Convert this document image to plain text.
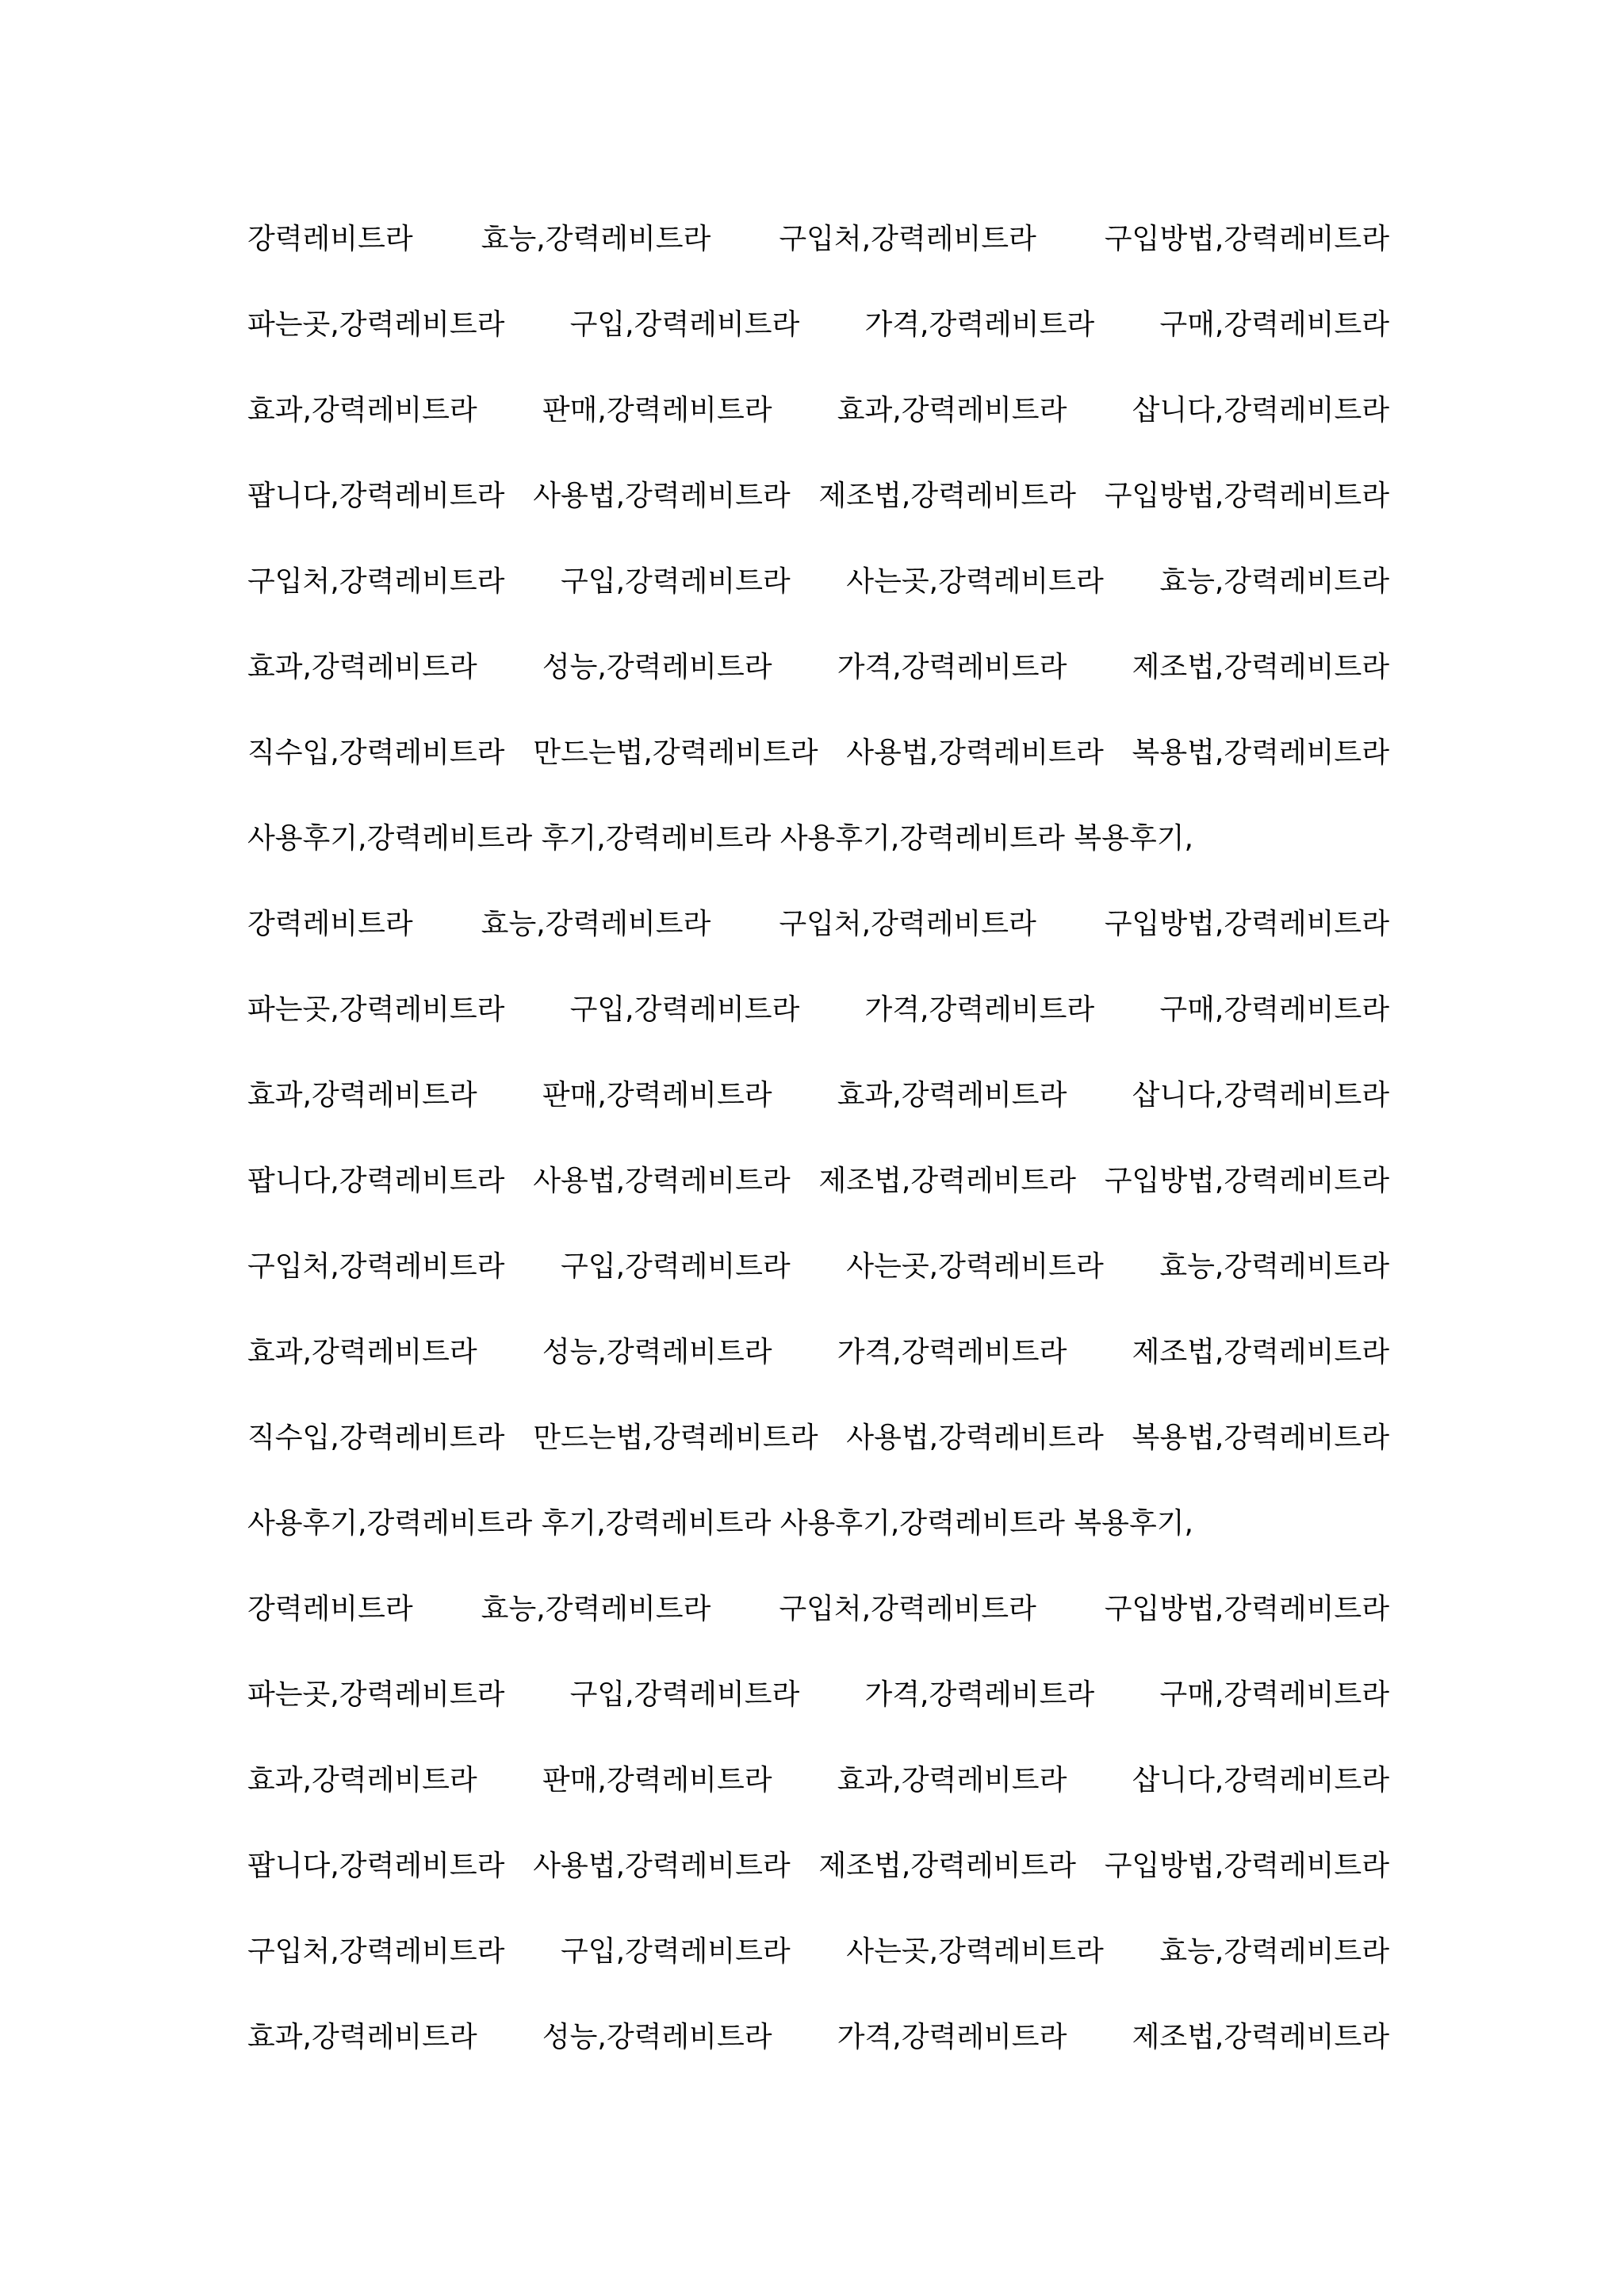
강력레비트라 효능,강력레비트라 구입처,강력레비트라 구입방법,강력레비트라
파는곳,강력레비트라 구입,강력레비트라 가격,강력레비트라 구매,강력레비트라
효과,강력레비트라 판매,강력레비트라 효과,강력레비트라 삽니다,강력레비트라
팝니다,강력레비트라 사용법,강력레비트라 제조법,강력레비트라 구입방법,강력레비트라
구입처,강력레비트라 구입,강력레비트라 사는곳,강력레비트라 효능,강력레비트라
효과,강력레비트라 성능,강력레비트라 가격,강력레비트라 제조법,강력레비트라
직수입,강력레비트라 만드는법,강력레비트라 사용법,강력레비트라 복용법,강력레비트라
사용후기,강력레비트라 후기,강력레비트라 사용후기,강력레비트라 복용후기,
강력레비트라 효능,강력레비트라 구입처,강력레비트라 구입방법,강력레비트라
파는곳,강력레비트라 구입,강력레비트라 가격,강력레비트라 구매,강력레비트라
효과,강력레비트라 판매,강력레비트라 효과,강력레비트라 삽니다,강력레비트라
팝니다,강력레비트라 사용법,강력레비트라 제조법,강력레비트라 구입방법,강력레비트라
구입처,강력레비트라 구입,강력레비트라 사는곳,강력레비트라 효능,강력레비트라
효과,강력레비트라 성능,강력레비트라 가격,강력레비트라 제조법,강력레비트라
직수입,강력레비트라 만드는법,강력레비트라 사용법,강력레비트라 복용법,강력레비트라
사용후기,강력레비트라 후기,강력레비트라 사용후기,강력레비트라 복용후기,
강력레비트라 효능,강력레비트라 구입처,강력레비트라 구입방법,강력레비트라
파는곳,강력레비트라 구입,강력레비트라 가격,강력레비트라 구매,강력레비트라
효과,강력레비트라 판매,강력레비트라 효과,강력레비트라 삽니다,강력레비트라
팝니다,강력레비트라 사용법,강력레비트라 제조법,강력레비트라 구입방법,강력레비트라
구입처,강력레비트라 구입,강력레비트라 사는곳,강력레비트라 효능,강력레비트라
효과,강력레비트라 성능,강력레비트라 가격,강력레비트라 제조법,강력레비트라
